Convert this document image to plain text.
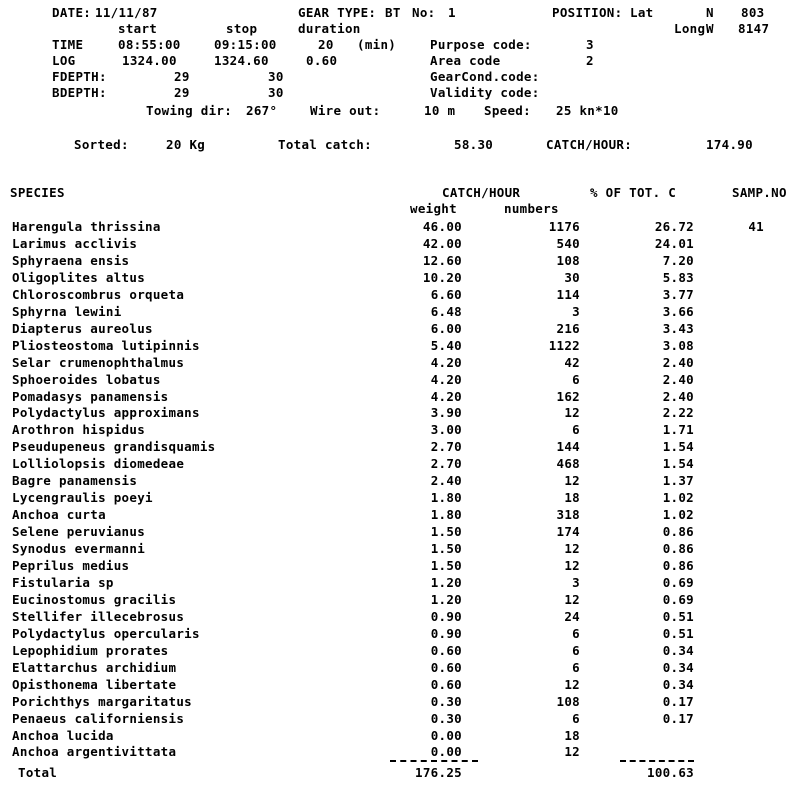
DATE: 11/11/87	GEAR TYPE: BT No: 1	POSITION: Lat	N 803
start	stop	duration	Long W 8147
TIME	08:55:00	09:15:00	20 (min)	Purpose code:	3
LOG	1324.00	1324.60	0.60	Area code	2
FDEPTH:	29	30	GearCond.code:
BDEPTH:	29	30	Validity code:
Towing dir: 267°	Wire out:	10 m Speed: 25 kn*10
Sorted:	20 Kg	Total catch:	58.30	CATCH/HOUR:	174.90
SPECIES	CATCH/HOUR	% OF TOT. C	SAMP.NO
weight	numbers
Harengula thrissina	46.00	1176	26.72	41
Larimus acclivis	42.00	540	24.01
Sphyraena ensis	12.60	108	7.20
Oligoplites altus	10.20	30	5.83
Chloroscombrus orqueta	6.60	114	3.77
Sphyrna lewini	6.48	3	3.66
Diapterus aureolus	6.00	216	3.43
Pliosteostoma lutipinnis	5.40	1122	3.08
Selar crumenophthalmus	4.20	42	2.40
Sphoeroides lobatus	4.20	6	2.40
Pomadasys panamensis	4.20	162	2.40
Polydactylus approximans	3.90	12	2.22
Arothron hispidus	3.00	6	1.71
Pseudupeneus grandisquamis	2.70	144	1.54
Lolliolopsis diomedeae	2.70	468	1.54
Bagre panamensis	2.40	12	1.37
Lycengraulis poeyi	1.80	18	1.02
Anchoa curta	1.80	318	1.02
Selene peruvianus	1.50	174	0.86
Synodus evermanni	1.50	12	0.86
Peprilus medius	1.50	12	0.86
Fistularia sp	1.20	3	0.69
Eucinostomus gracilis	1.20	12	0.69
Stellifer illecebrosus	0.90	24	0.51
Polydactylus opercularis	0.90	6	0.51
Lepophidium prorates	0.60	6	0.34
Elattarchus archidium	0.60	6	0.34
Opisthonema libertate	0.60	12	0.34
Porichthys margaritatus	0.30	108	0.17
Penaeus californiensis	0.30	6	0.17
Anchoa lucida	0.00	18
Anchoa argentivittata	0.00	12
Total	176.25	100.63
